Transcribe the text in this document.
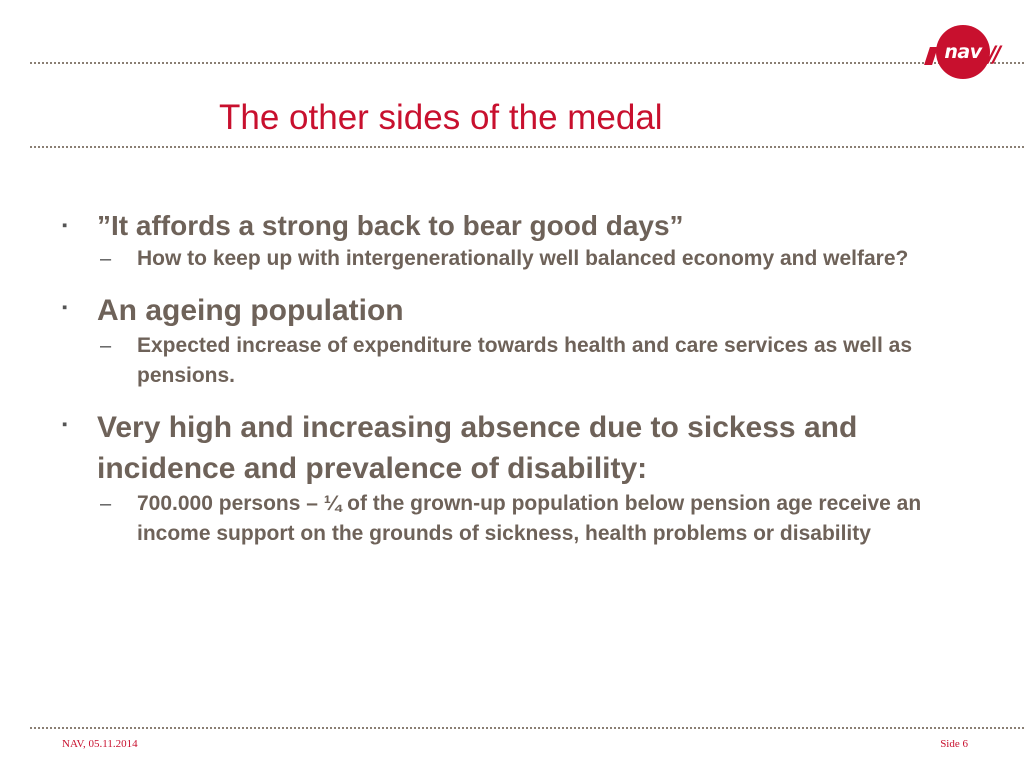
nav //
The other sides of the medal
▪ ”It affords a strong back to bear good days”
– How to keep up with intergenerationally well balanced economy and welfare?
▪ An ageing population
– Expected increase of expenditure towards health and care services as well as pensions.
▪ Very high and increasing absence due to sickess and incidence and prevalence of disability:
– 700.000 persons – ¼ of the grown-up population below pension age receive an income support on the grounds of sickness, health problems or disability
NAV, 05.11.2014	Side 6
